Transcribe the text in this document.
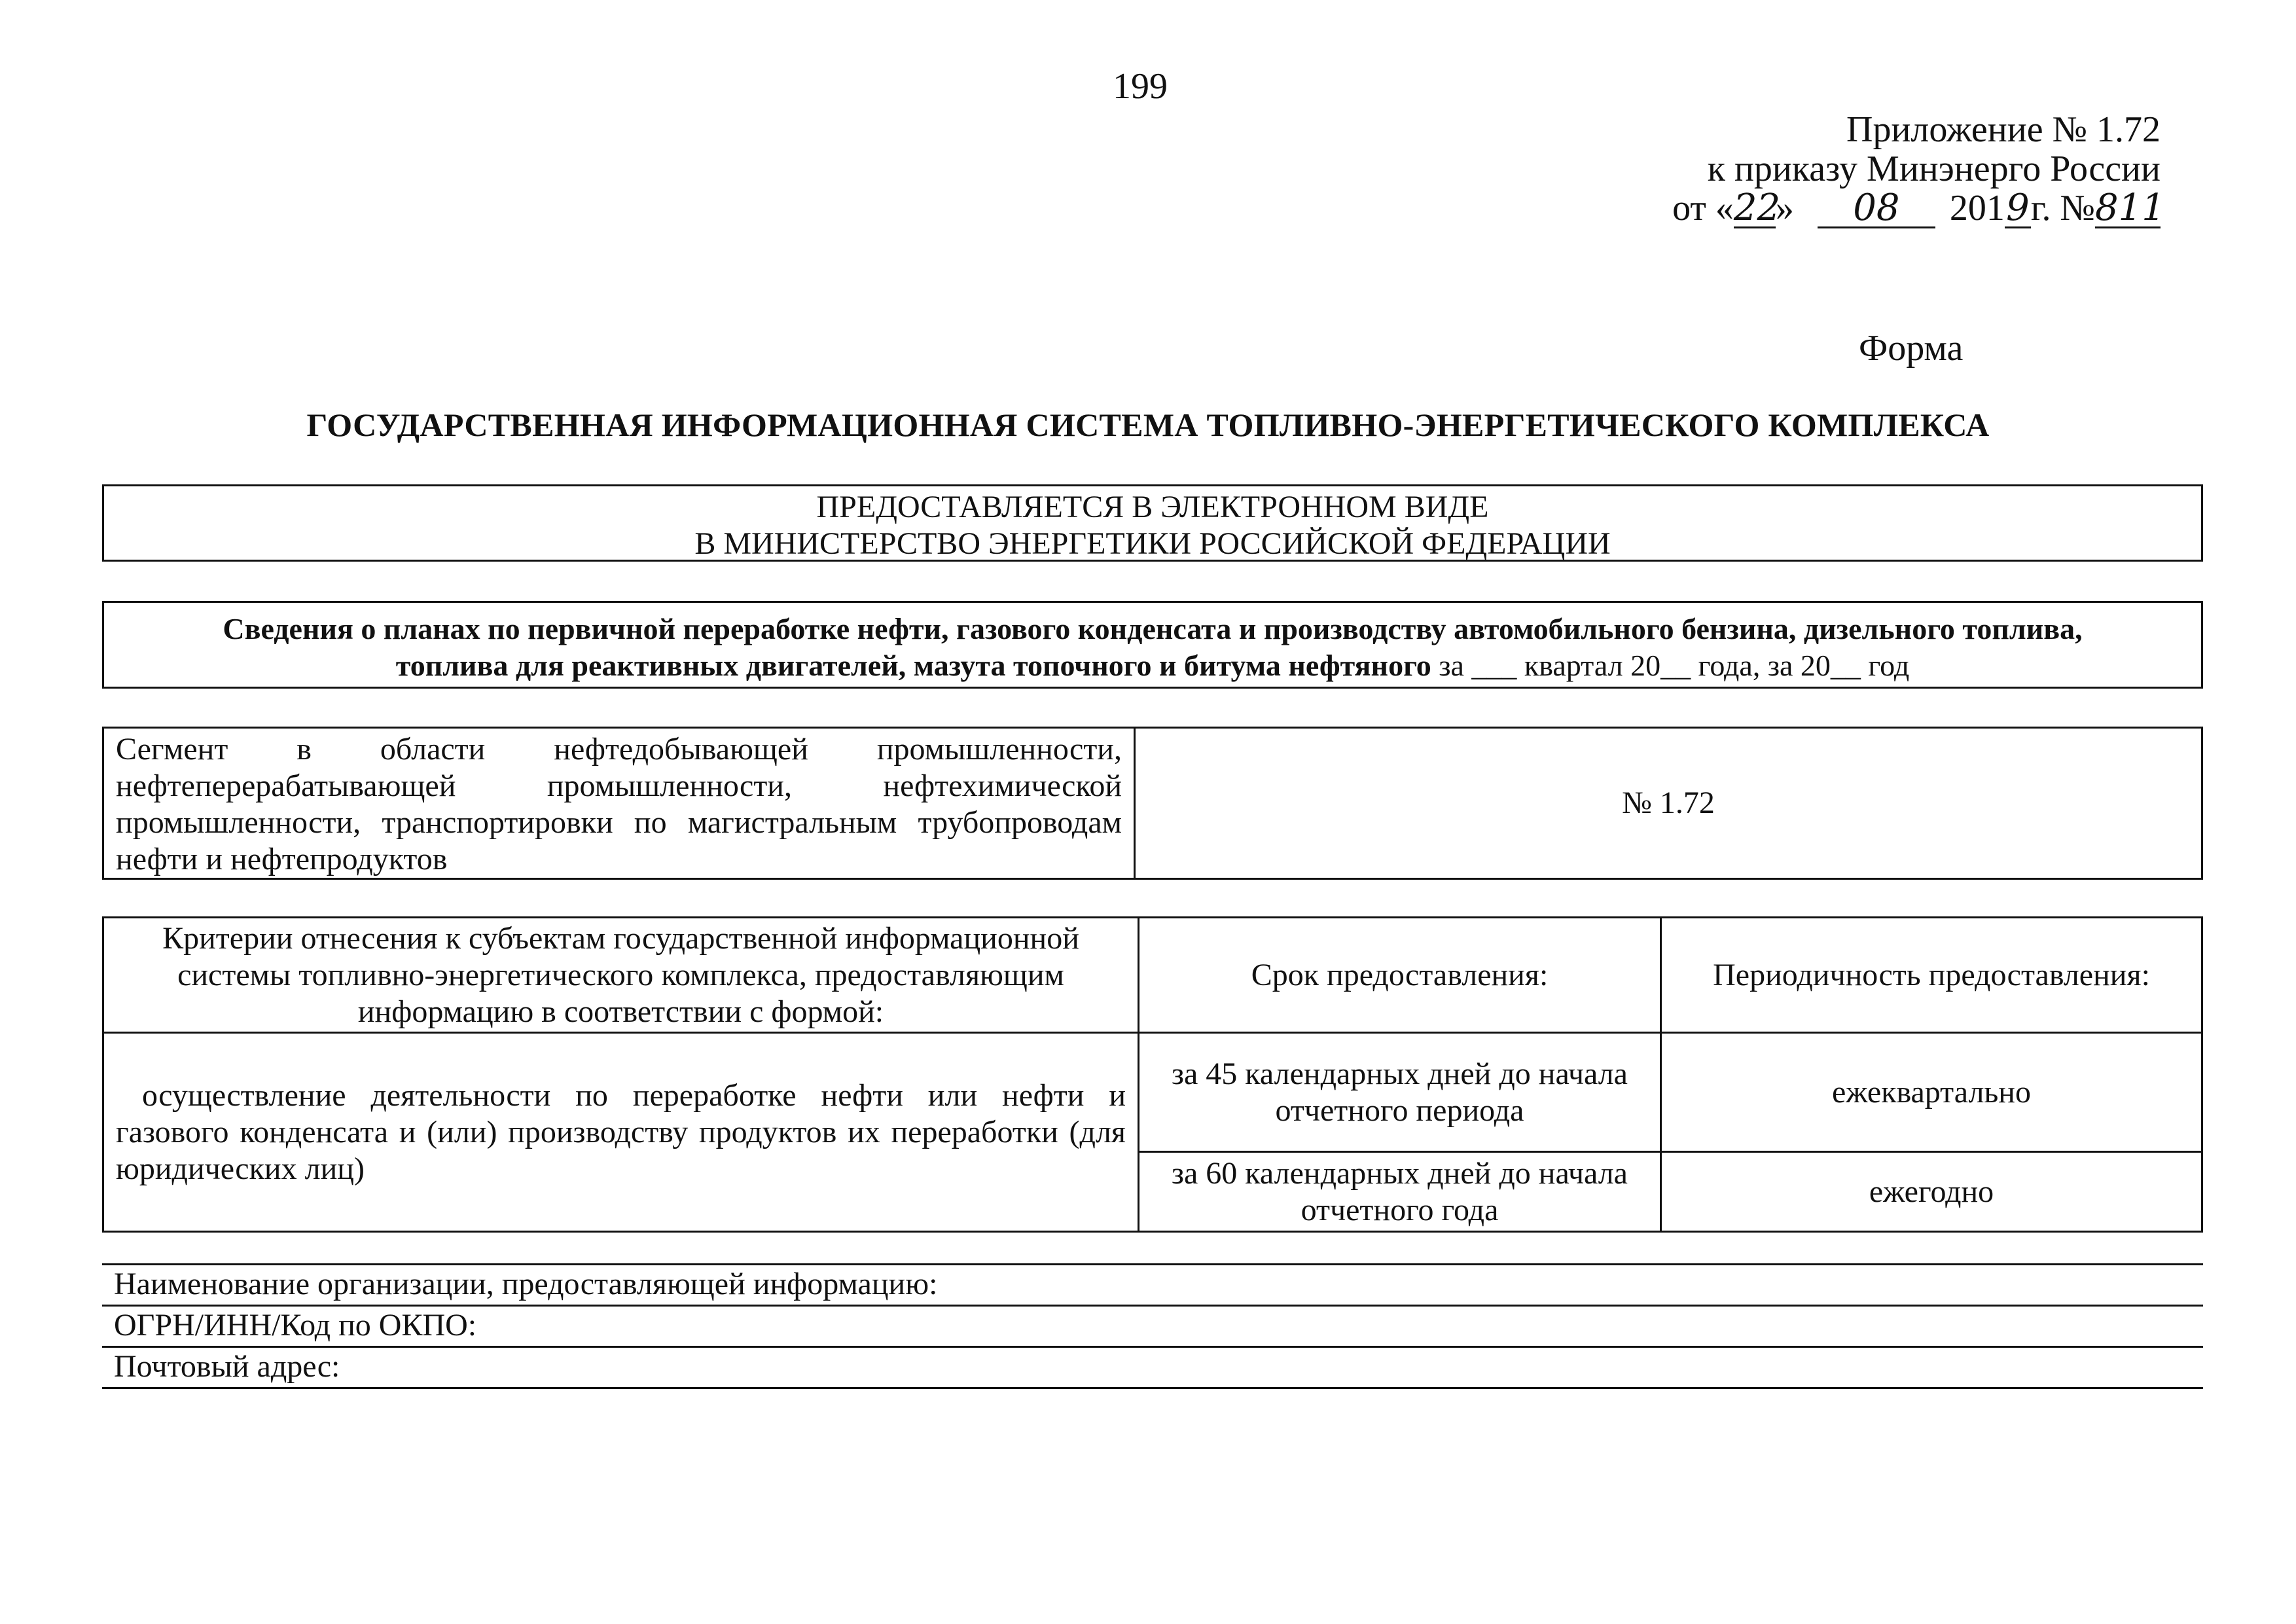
199
Приложение № 1.72
к приказу Минэнерго России
от «22» 08 2019г. №811
Форма
ГОСУДАРСТВЕННАЯ ИНФОРМАЦИОННАЯ СИСТЕМА ТОПЛИВНО-ЭНЕРГЕТИЧЕСКОГО КОМПЛЕКСА
ПРЕДОСТАВЛЯЕТСЯ В ЭЛЕКТРОННОМ ВИДЕ
В МИНИСТЕРСТВО ЭНЕРГЕТИКИ РОССИЙСКОЙ ФЕДЕРАЦИИ
Сведения о планах по первичной переработке нефти, газового конденсата и производству автомобильного бензина, дизельного топлива,
топлива для реактивных двигателей, мазута топочного и битума нефтяного за ___ квартал 20__ года, за 20__ год
Сегмент в области нефтедобывающей промышленности, нефтеперерабатывающей промышленности, нефтехимической промышленности, транспортировки по магистральным трубопроводам нефти и нефтепродуктов	№ 1.72
Критерии отнесения к субъектам государственной информационной системы топливно-энергетического комплекса, предоставляющим информацию в соответствии с формой:	Срок предоставления:	Периодичность предоставления:
осуществление деятельности по переработке нефти или нефти и газового конденсата и (или) производству продуктов их переработки (для юридических лиц)	за 45 календарных дней до начала отчетного периода	ежеквартально
	за 60 календарных дней до начала отчетного года	ежегодно
Наименование организации, предоставляющей информацию:
ОГРН/ИНН/Код по ОКПО:
Почтовый адрес:
